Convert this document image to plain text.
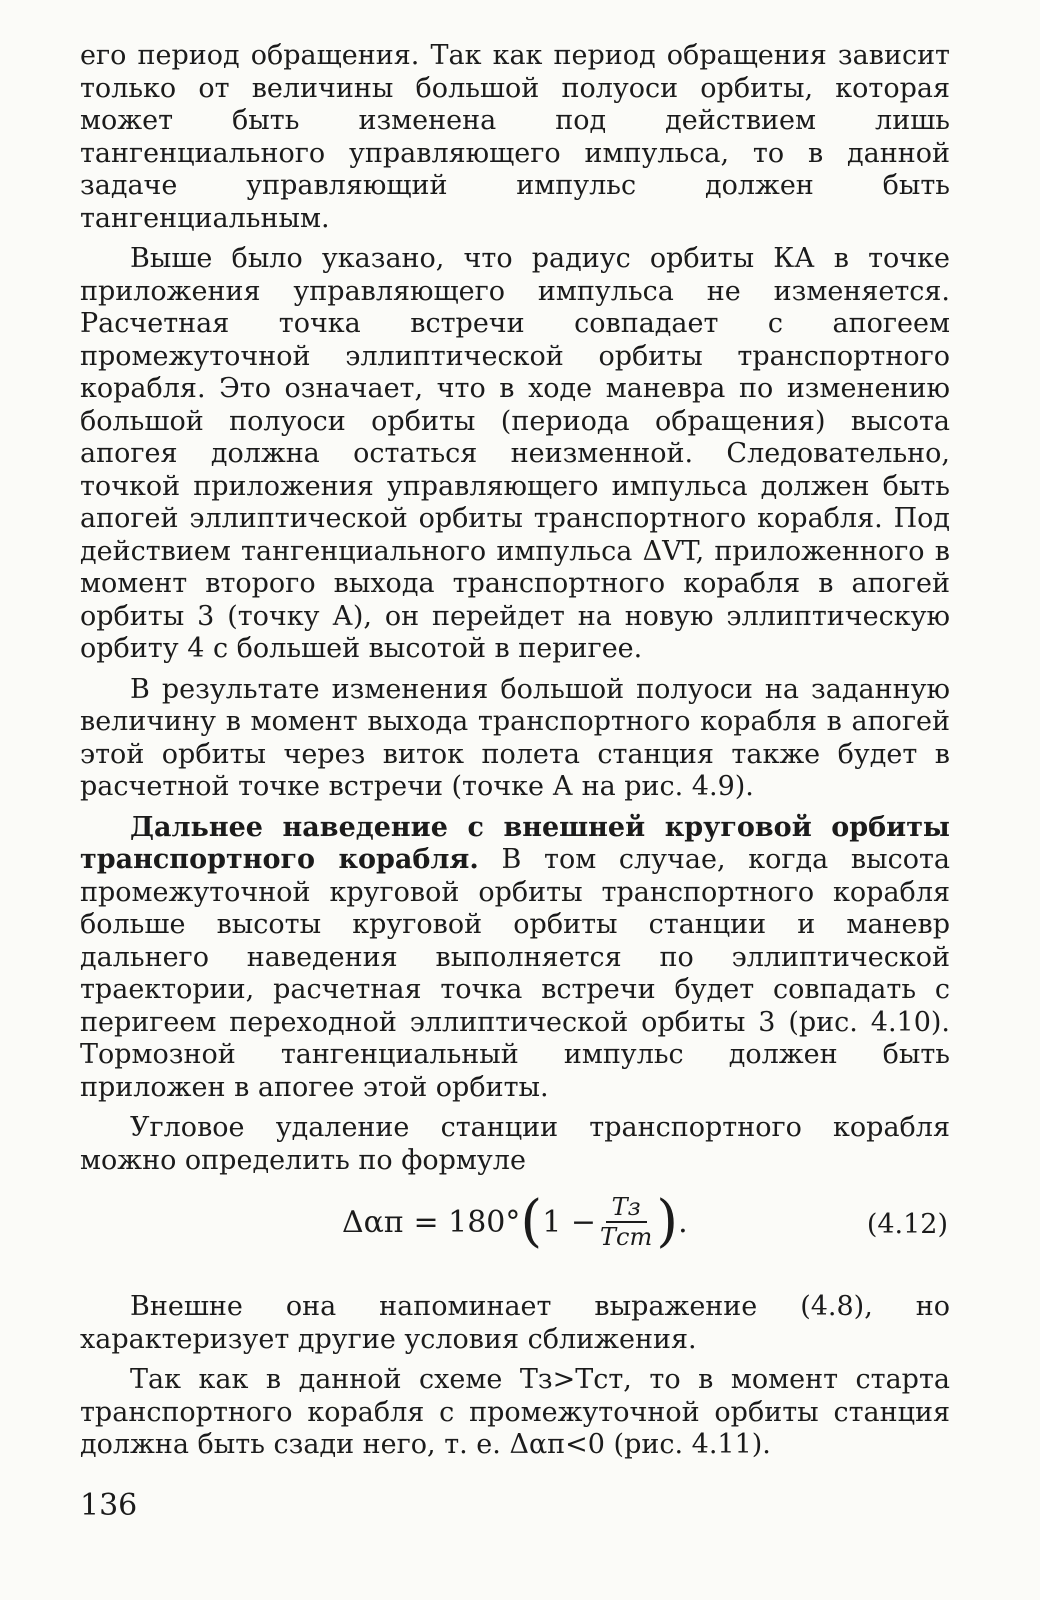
его период обращения. Так как период обращения зависит только от величины большой полуоси орбиты, которая может быть изменена под действием лишь тангенциального управляющего импульса, то в данной задаче управляющий импульс должен быть тангенциальным.

Выше было указано, что радиус орбиты КА в точке приложения управляющего импульса не изменяется. Расчетная точка встречи совпадает с апогеем промежуточной эллиптической орбиты транспортного корабля. Это означает, что в ходе маневра по изменению большой полуоси орбиты (периода обращения) высота апогея должна остаться неизменной. Следовательно, точкой приложения управляющего импульса должен быть апогей эллиптической орбиты транспортного корабля. Под действием тангенциального импульса ΔVT, приложенного в момент второго выхода транспортного корабля в апогей орбиты 3 (точку А), он перейдет на новую эллиптическую орбиту 4 с большей высотой в перигее.

В результате изменения большой полуоси на заданную величину в момент выхода транспортного корабля в апогей этой орбиты через виток полета станция также будет в расчетной точке встречи (точке А на рис. 4.9).

Дальнее наведение с внешней круговой орбиты транспортного корабля. В том случае, когда высота промежуточной круговой орбиты транспортного корабля больше высоты круговой орбиты станции и маневр дальнего наведения выполняется по эллиптической траектории, расчетная точка встречи будет совпадать с перигеем переходной эллиптической орбиты 3 (рис. 4.10). Тормозной тангенциальный импульс должен быть приложен в апогее этой орбиты.

Угловое удаление станции транспортного корабля можно определить по формуле

Δαп = 180° ( $1 - \frac{Tз}{\text{Tст}}$ ) .	(4.12)

Внешне она напоминает выражение (4.8), но характеризует другие условия сближения.

Так как в данной схеме Tз>Tст, то в момент старта транспортного корабля с промежуточной орбиты станция должна быть сзади него, т. е. Δαп<0 (рис. 4.11).

136
